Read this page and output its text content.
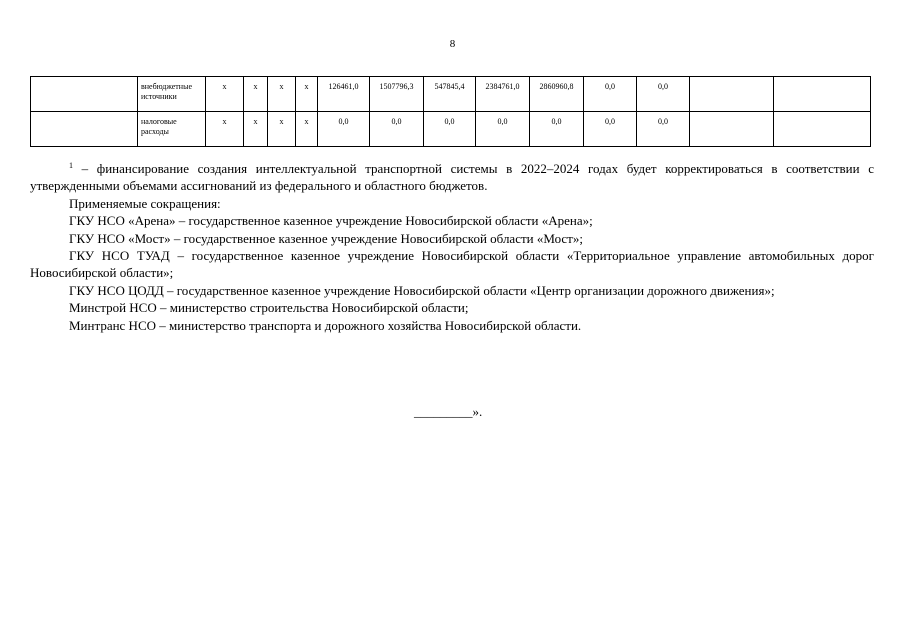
8
	внебюджетные источники	x	x	x	x	126461,0	1507796,3	547845,4	2384761,0	2860960,8	0,0	0,0		
	налоговые расходы	x	x	x	x	0,0	0,0	0,0	0,0	0,0	0,0	0,0		

$^1$ – финансирование создания интеллектуальной транспортной системы в 2022–2024 годах будет корректироваться в соответствии с утвержденными объемами ассигнований из федерального и областного бюджетов.

Применяемые сокращения:

ГКУ НСО «Арена» – государственное казенное учреждение Новосибирской области «Арена»;

ГКУ НСО «Мост» – государственное казенное учреждение Новосибирской области «Мост»;

ГКУ НСО ТУАД – государственное казенное учреждение Новосибирской области «Территориальное управление автомобильных дорог Новосибирской области»;

ГКУ НСО ЦОДД – государственное казенное учреждение Новосибирской области «Центр организации дорожного движения»;

Минстрой НСО – министерство строительства Новосибирской области;

Минтранс НСО – министерство транспорта и дорожного хозяйства Новосибирской области.

_________».
